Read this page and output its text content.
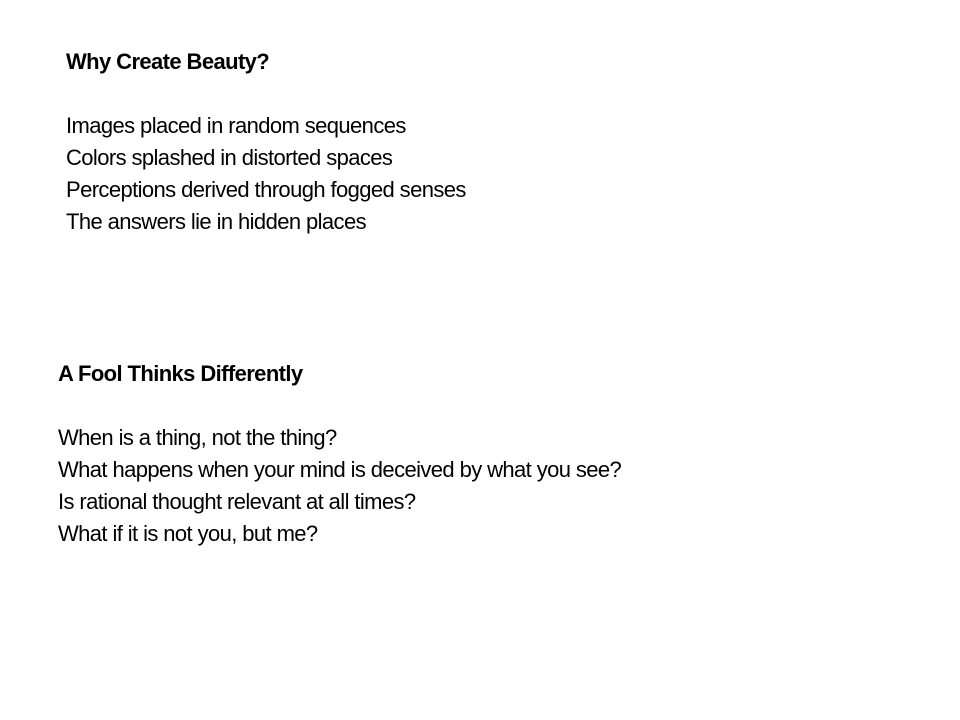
Why Create Beauty?
Images placed in random sequences
Colors splashed in distorted spaces
Perceptions derived through fogged senses
The answers lie in hidden places
A Fool Thinks Differently
When is a thing, not the thing?
What happens when your mind is deceived by what you see?
Is rational thought relevant at all times?
What if it is not you, but me?
